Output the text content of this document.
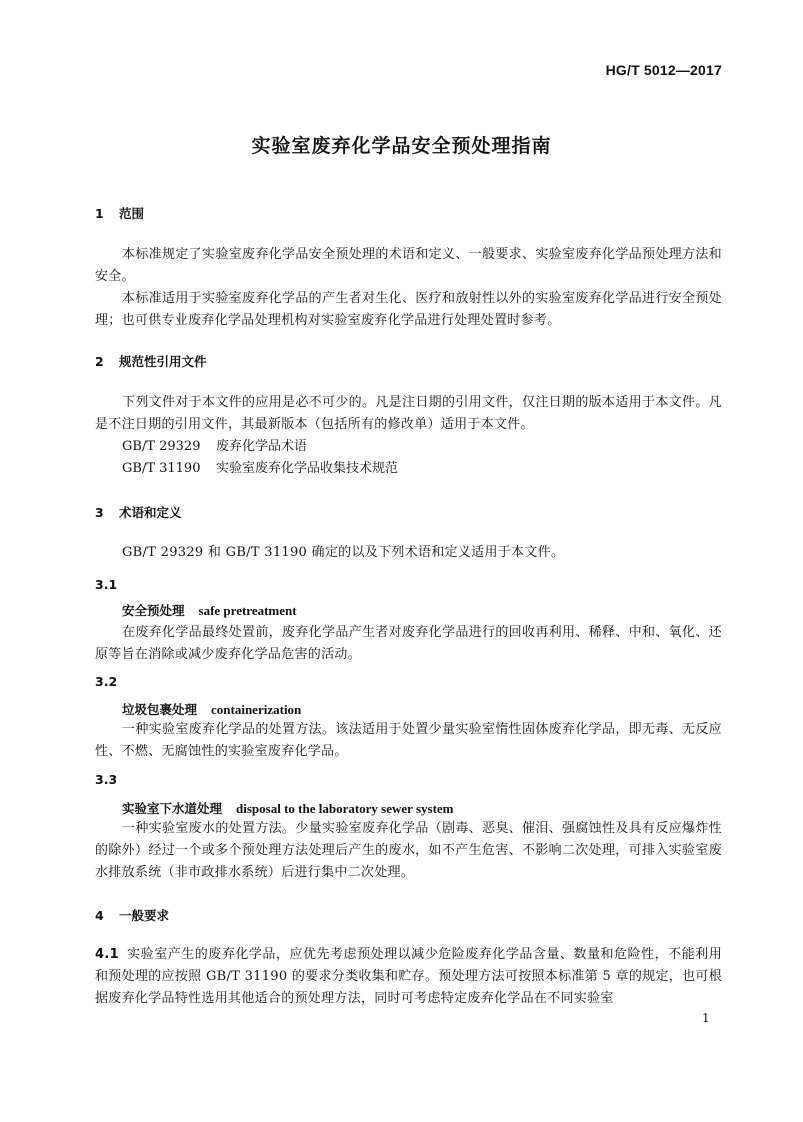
HG/T 5012—2017
实验室废弃化学品安全预处理指南
1 范围
本标准规定了实验室废弃化学品安全预处理的术语和定义、一般要求、实验室废弃化学品预处理方法和安全。
本标准适用于实验室废弃化学品的产生者对生化、医疗和放射性以外的实验室废弃化学品进行安全预处理；也可供专业废弃化学品处理机构对实验室废弃化学品进行处理处置时参考。
2 规范性引用文件
下列文件对于本文件的应用是必不可少的。凡是注日期的引用文件，仅注日期的版本适用于本文件。凡是不注日期的引用文件，其最新版本（包括所有的修改单）适用于本文件。
GB/T 29329 废弃化学品术语
GB/T 31190 实验室废弃化学品收集技术规范
3 术语和定义
GB/T 29329 和 GB/T 31190 确定的以及下列术语和定义适用于本文件。
3.1
安全预处理 safe pretreatment
在废弃化学品最终处置前，废弃化学品产生者对废弃化学品进行的回收再利用、稀释、中和、氧化、还原等旨在消除或减少废弃化学品危害的活动。
3.2
垃圾包裹处理 containerization
一种实验室废弃化学品的处置方法。该法适用于处置少量实验室惰性固体废弃化学品，即无毒、无反应性、不燃、无腐蚀性的实验室废弃化学品。
3.3
实验室下水道处理 disposal to the laboratory sewer system
一种实验室废水的处置方法。少量实验室废弃化学品（剧毒、恶臭、催泪、强腐蚀性及具有反应爆炸性的除外）经过一个或多个预处理方法处理后产生的废水，如不产生危害、不影响二次处理，可排入实验室废水排放系统（非市政排水系统）后进行集中二次处理。
4 一般要求
4.1 实验室产生的废弃化学品，应优先考虑预处理以减少危险废弃化学品含量、数量和危险性，不能利用和预处理的应按照 GB/T 31190 的要求分类收集和贮存。预处理方法可按照本标准第 5 章的规定，也可根据废弃化学品特性选用其他适合的预处理方法，同时可考虑特定废弃化学品在不同实验室
1
